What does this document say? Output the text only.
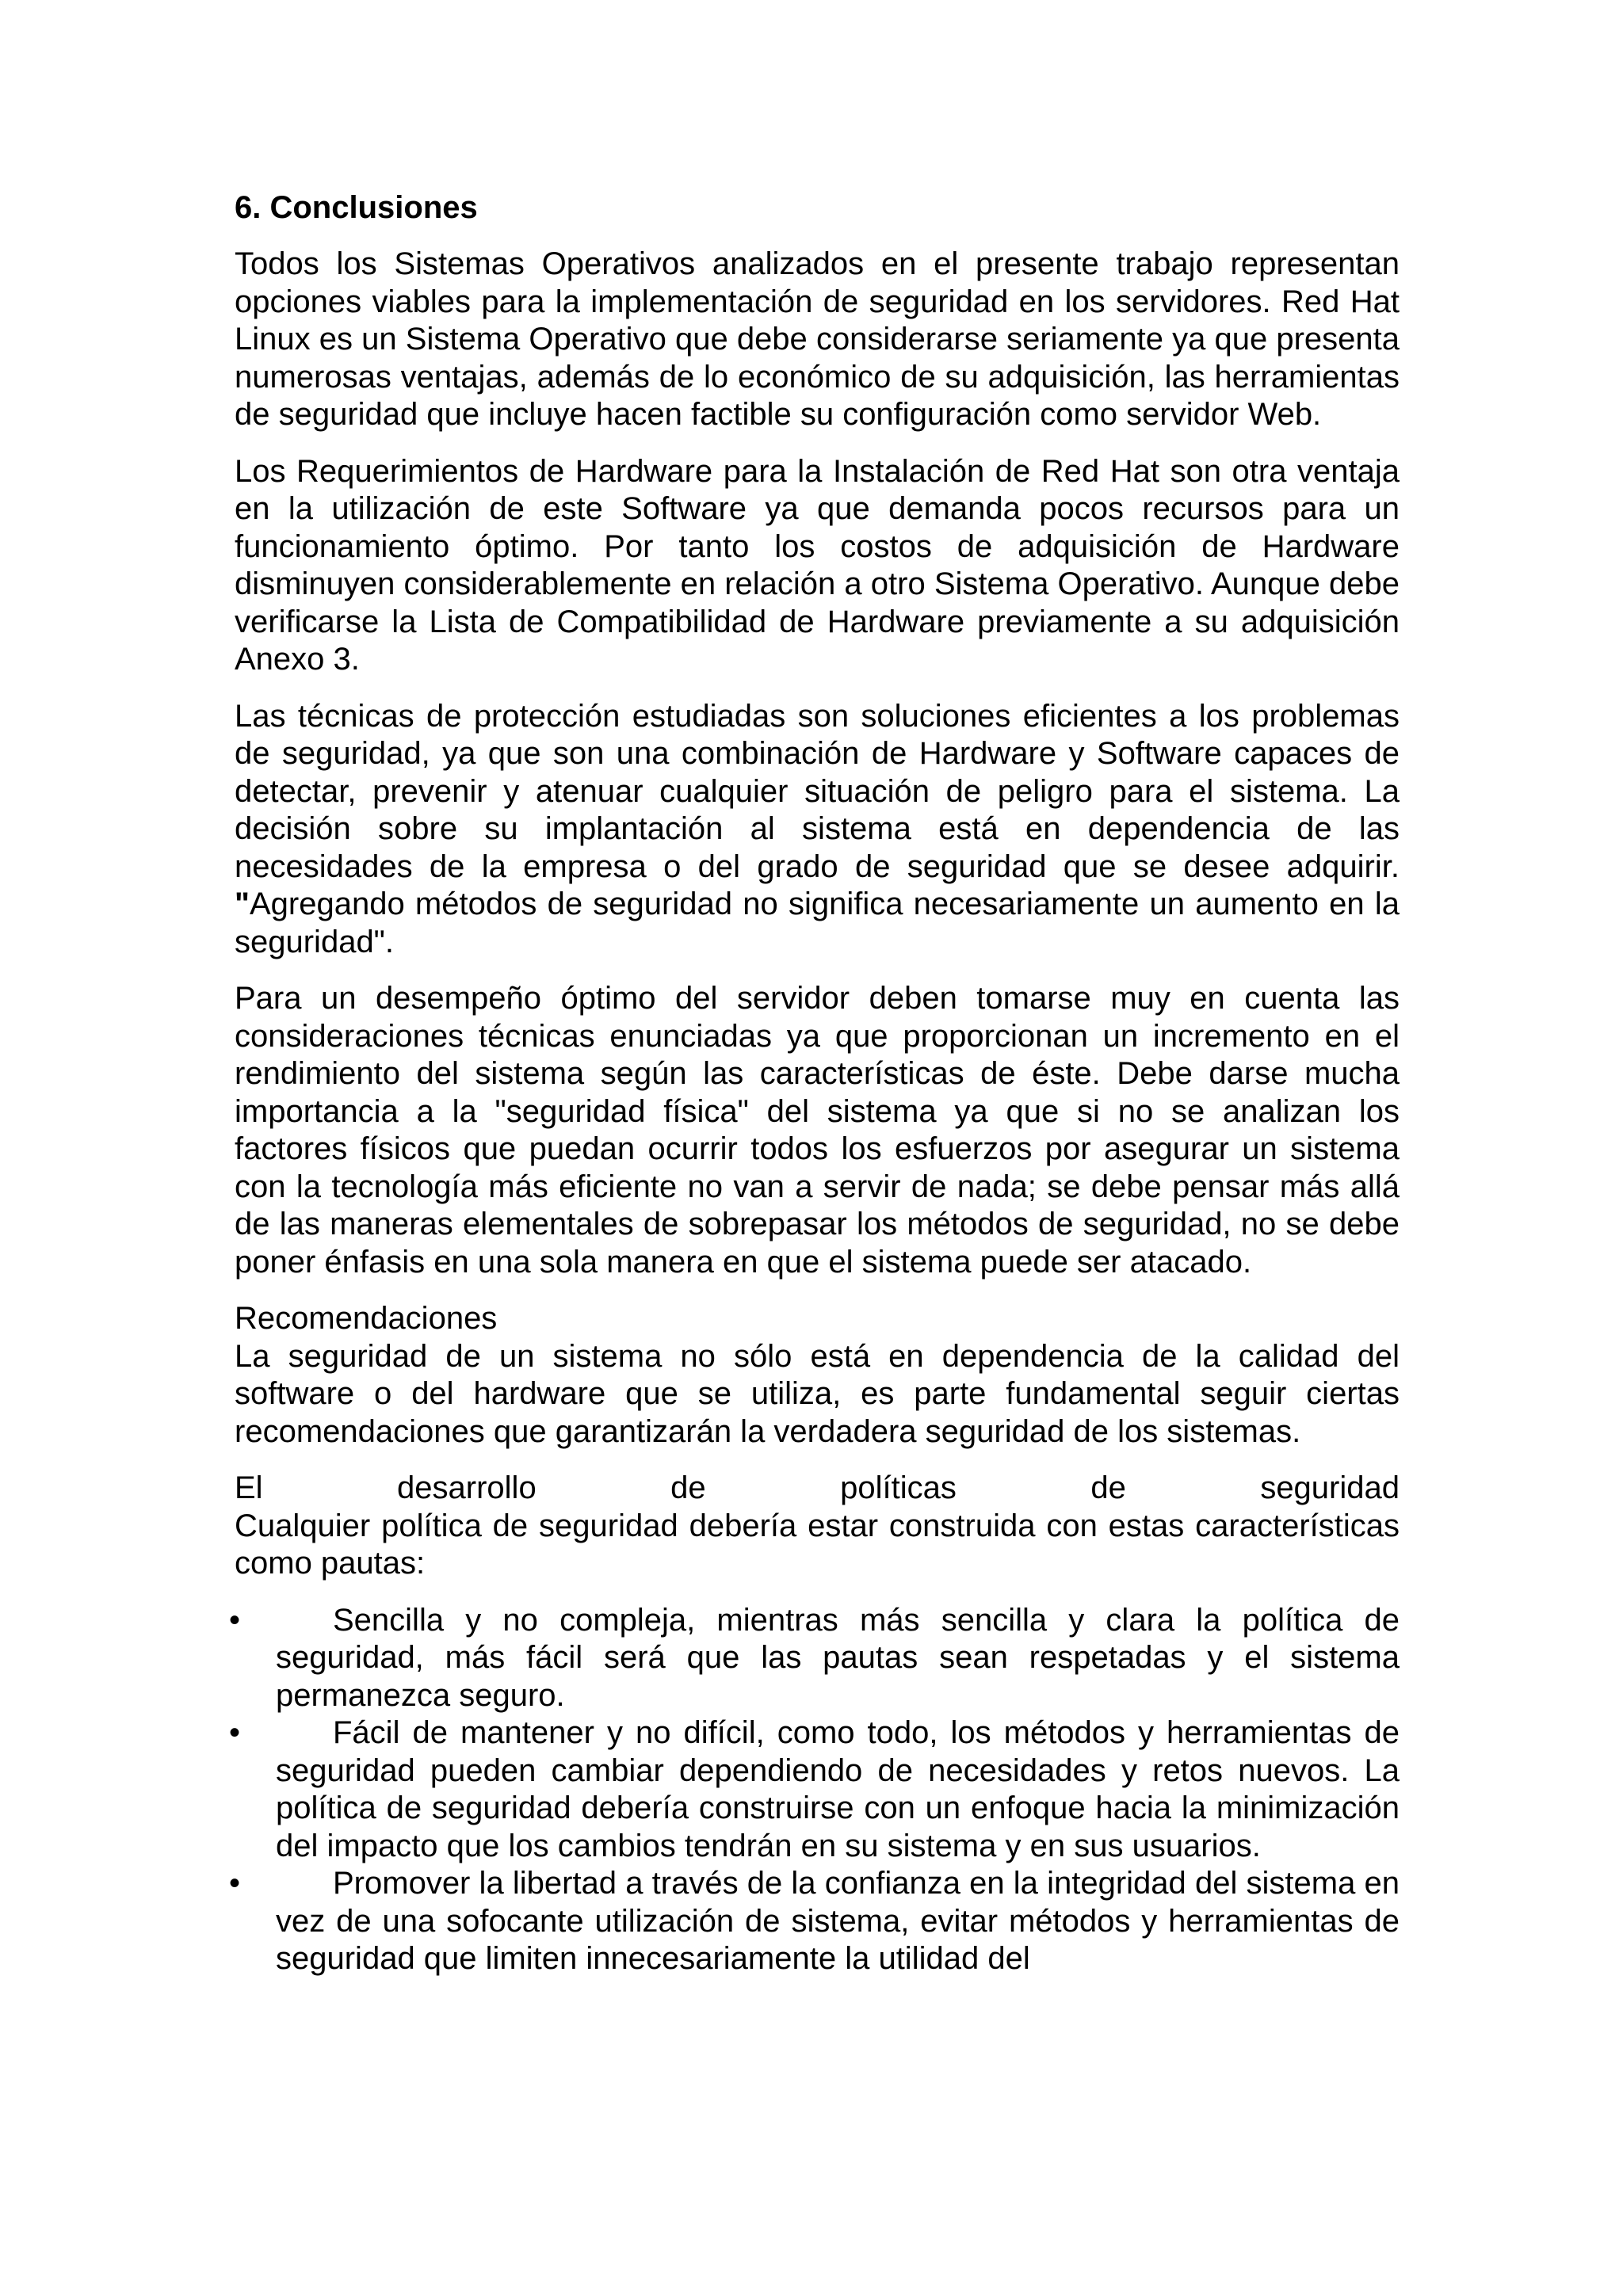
6. Conclusiones

Todos los Sistemas Operativos analizados en el presente trabajo representan opciones viables para la implementación de seguridad en los servidores. Red Hat Linux es un Sistema Operativo que debe considerarse seriamente ya que presenta numerosas ventajas, además de lo económico de su adquisición, las herramientas de seguridad que incluye hacen factible su configuración como servidor Web.

Los Requerimientos de Hardware para la Instalación de Red Hat son otra ventaja en la utilización de este Software ya que demanda pocos recursos para un funcionamiento óptimo. Por tanto los costos de adquisición de Hardware disminuyen considerablemente en relación a otro Sistema Operativo. Aunque debe verificarse la Lista de Compatibilidad de Hardware previamente a su adquisición Anexo 3.

Las técnicas de protección estudiadas son soluciones eficientes a los problemas de seguridad, ya que son una combinación de Hardware y Software capaces de detectar, prevenir y atenuar cualquier situación de peligro para el sistema. La decisión sobre su implantación al sistema está en dependencia de las necesidades de la empresa o del grado de seguridad que se desee adquirir. "Agregando métodos de seguridad no significa necesariamente un aumento en la seguridad".

Para un desempeño óptimo del servidor deben tomarse muy en cuenta las consideraciones técnicas enunciadas ya que proporcionan un incremento en el rendimiento del sistema según las características de éste. Debe darse mucha importancia a la "seguridad física" del sistema ya que si no se analizan los factores físicos que puedan ocurrir todos los esfuerzos por asegurar un sistema con la tecnología más eficiente no van a servir de nada; se debe pensar más allá de las maneras elementales de sobrepasar los métodos de seguridad, no se debe poner énfasis en una sola manera en que el sistema puede ser atacado.

Recomendaciones

La seguridad de un sistema no sólo está en dependencia de la calidad del software o del hardware que se utiliza, es parte fundamental seguir ciertas recomendaciones que garantizarán la verdadera seguridad de los sistemas.

El desarrollo de políticas de seguridad
Cualquier política de seguridad debería estar construida con estas características como pautas:
•	Sencilla y no compleja, mientras más sencilla y clara la política de seguridad, más fácil será que las pautas sean respetadas y el sistema permanezca seguro.
•	Fácil de mantener y no difícil, como todo, los métodos y herramientas de seguridad pueden cambiar dependiendo de necesidades y retos nuevos. La política de seguridad debería construirse con un enfoque hacia la minimización del impacto que los cambios tendrán en su sistema y en sus usuarios.
•	Promover la libertad a través de la confianza en la integridad del sistema en vez de una sofocante utilización de sistema, evitar métodos y herramientas de seguridad que limiten innecesariamente la utilidad del
